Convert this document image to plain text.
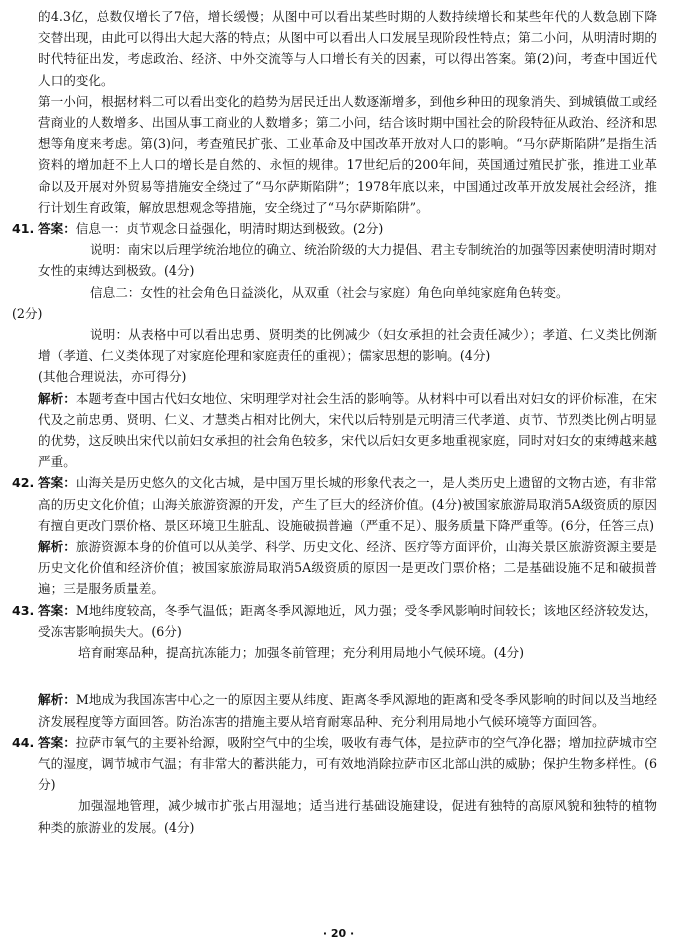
的4.3亿，总数仅增长了7倍，增长缓慢；从图中可以看出某些时期的人数持续增长和某些年代的人数急剧下降交替出现，由此可以得出大起大落的特点；从图中可以看出人口发展呈现阶段性特点；第二小问，从明清时期的时代特征出发，考虑政治、经济、中外交流等与人口增长有关的因素，可以得出答案。第(2)问，考查中国近代人口的变化。

第一小问，根据材料二可以看出变化的趋势为居民迁出人数逐渐增多，到他乡种田的现象消失、到城镇做工或经营商业的人数增多、出国从事工商业的人数增多；第二小问，结合该时期中国社会的阶段特征从政治、经济和思想等角度来考虑。第(3)问，考查殖民扩张、工业革命及中国改革开放对人口的影响。“马尔萨斯陷阱”是指生活资料的增加赶不上人口的增长是自然的、永恒的规律。17世纪后的200年间，英国通过殖民扩张，推进工业革命以及开展对外贸易等措施安全绕过了“马尔萨斯陷阱”；1978年底以来，中国通过改革开放发展社会经济，推行计划生育政策，解放思想观念等措施，安全绕过了“马尔萨斯陷阱”。

41. 答案：信息一：贞节观念日益强化，明清时期达到极致。(2分)

说明：南宋以后理学统治地位的确立、统治阶级的大力提倡、君主专制统治的加强等因素使明清时期对女性的束缚达到极致。(4分)

信息二：女性的社会角色日益淡化，从双重（社会与家庭）角色向单纯家庭角色转变。

(2分)

说明：从表格中可以看出忠勇、贤明类的比例减少（妇女承担的社会责任减少）；孝道、仁义类比例渐增（孝道、仁义类体现了对家庭伦理和家庭责任的重视）；儒家思想的影响。(4分)

(其他合理说法，亦可得分)

解析：本题考查中国古代妇女地位、宋明理学对社会生活的影响等。从材料中可以看出对妇女的评价标准，在宋代及之前忠勇、贤明、仁义、才慧类占相对比例大，宋代以后特别是元明清三代孝道、贞节、节烈类比例占明显的优势，这反映出宋代以前妇女承担的社会角色较多，宋代以后妇女更多地重视家庭，同时对妇女的束缚越来越严重。

42. 答案：山海关是历史悠久的文化古城，是中国万里长城的形象代表之一，是人类历史上遗留的文物古迹，有非常高的历史文化价值；山海关旅游资源的开发，产生了巨大的经济价值。(4分)被国家旅游局取消5A级资质的原因有擅自更改门票价格、景区环境卫生脏乱、设施破损普遍（严重不足）、服务质量下降严重等。(6分，任答三点)

解析：旅游资源本身的价值可以从美学、科学、历史文化、经济、医疗等方面评价，山海关景区旅游资源主要是历史文化价值和经济价值；被国家旅游局取消5A级资质的原因一是更改门票价格；二是基础设施不足和破损普遍；三是服务质量差。

43. 答案：M地纬度较高，冬季气温低；距离冬季风源地近，风力强；受冬季风影响时间较长；该地区经济较发达，受冻害影响损失大。(6分)

培育耐寒品种，提高抗冻能力；加强冬前管理；充分利用局地小气候环境。(4分)

解析：M地成为我国冻害中心之一的原因主要从纬度、距离冬季风源地的距离和受冬季风影响的时间以及当地经济发展程度等方面回答。防治冻害的措施主要从培育耐寒品种、充分利用局地小气候环境等方面回答。

44. 答案：拉萨市氧气的主要补给源，吸附空气中的尘埃，吸收有毒气体，是拉萨市的空气净化器；增加拉萨城市空气的湿度，调节城市气温；有非常大的蓄洪能力，可有效地消除拉萨市区北部山洪的威胁；保护生物多样性。(6分)

加强湿地管理，减少城市扩张占用湿地；适当进行基础设施建设，促进有独特的高原风貌和独特的植物种类的旅游业的发展。(4分)

· 20 ·
